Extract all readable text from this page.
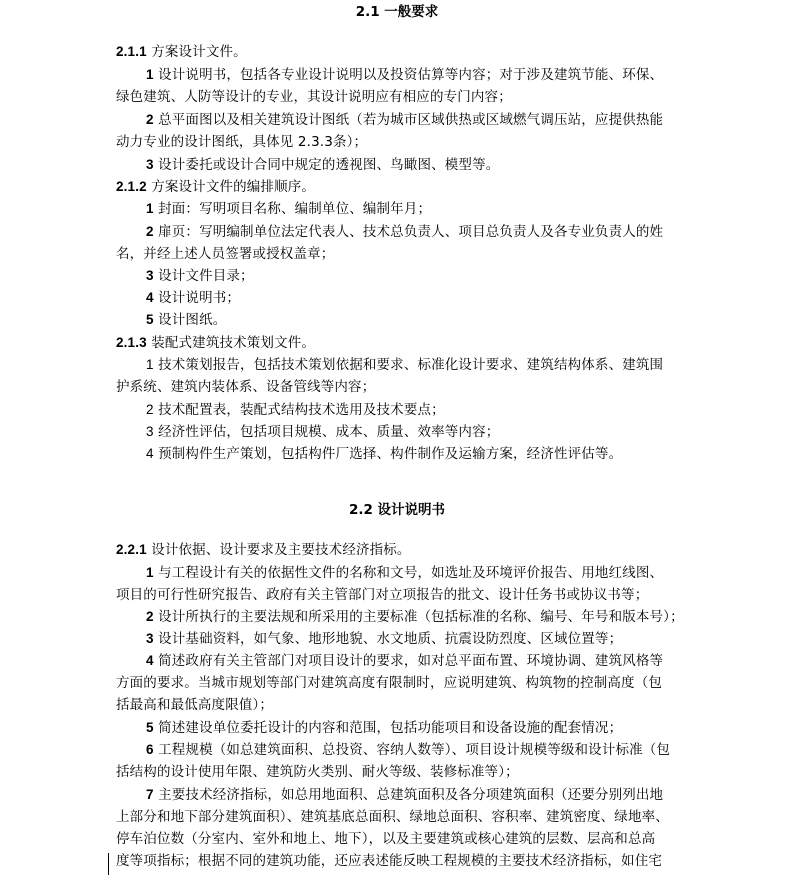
2.1 一般要求
2.1.1 方案设计文件。
1 设计说明书，包括各专业设计说明以及投资估算等内容；对于涉及建筑节能、环保、
绿色建筑、人防等设计的专业，其设计说明应有相应的专门内容；
2 总平面图以及相关建筑设计图纸（若为城市区域供热或区域燃气调压站，应提供热能
动力专业的设计图纸，具体见 2.3.3条）；
3 设计委托或设计合同中规定的透视图、鸟瞰图、模型等。
2.1.2 方案设计文件的编排顺序。
1 封面：写明项目名称、编制单位、编制年月；
2 扉页：写明编制单位法定代表人、技术总负责人、项目总负责人及各专业负责人的姓
名，并经上述人员签署或授权盖章；
3 设计文件目录；
4 设计说明书；
5 设计图纸。
2.1.3 装配式建筑技术策划文件。
1 技术策划报告，包括技术策划依据和要求、标准化设计要求、建筑结构体系、建筑围
护系统、建筑内装体系、设备管线等内容；
2 技术配置表，装配式结构技术选用及技术要点；
3 经济性评估，包括项目规模、成本、质量、效率等内容；
4 预制构件生产策划，包括构件厂选择、构件制作及运输方案，经济性评估等。
2.2 设计说明书
2.2.1 设计依据、设计要求及主要技术经济指标。
1 与工程设计有关的依据性文件的名称和文号，如选址及环境评价报告、用地红线图、
项目的可行性研究报告、政府有关主管部门对立项报告的批文、设计任务书或协议书等；
2 设计所执行的主要法规和所采用的主要标准（包括标准的名称、编号、年号和版本号）；
3 设计基础资料，如气象、地形地貌、水文地质、抗震设防烈度、区域位置等；
4 简述政府有关主管部门对项目设计的要求，如对总平面布置、环境协调、建筑风格等
方面的要求。当城市规划等部门对建筑高度有限制时，应说明建筑、构筑物的控制高度（包
括最高和最低高度限值）；
5 简述建设单位委托设计的内容和范围，包括功能项目和设备设施的配套情况；
6 工程规模（如总建筑面积、总投资、容纳人数等）、项目设计规模等级和设计标准（包
括结构的设计使用年限、建筑防火类别、耐火等级、装修标准等）；
7 主要技术经济指标，如总用地面积、总建筑面积及各分项建筑面积（还要分别列出地
上部分和地下部分建筑面积）、建筑基底总面积、绿地总面积、容积率、建筑密度、绿地率、
停车泊位数（分室内、室外和地上、地下），以及主要建筑或核心建筑的层数、层高和总高
度等项指标；根据不同的建筑功能，还应表述能反映工程规模的主要技术经济指标，如住宅
